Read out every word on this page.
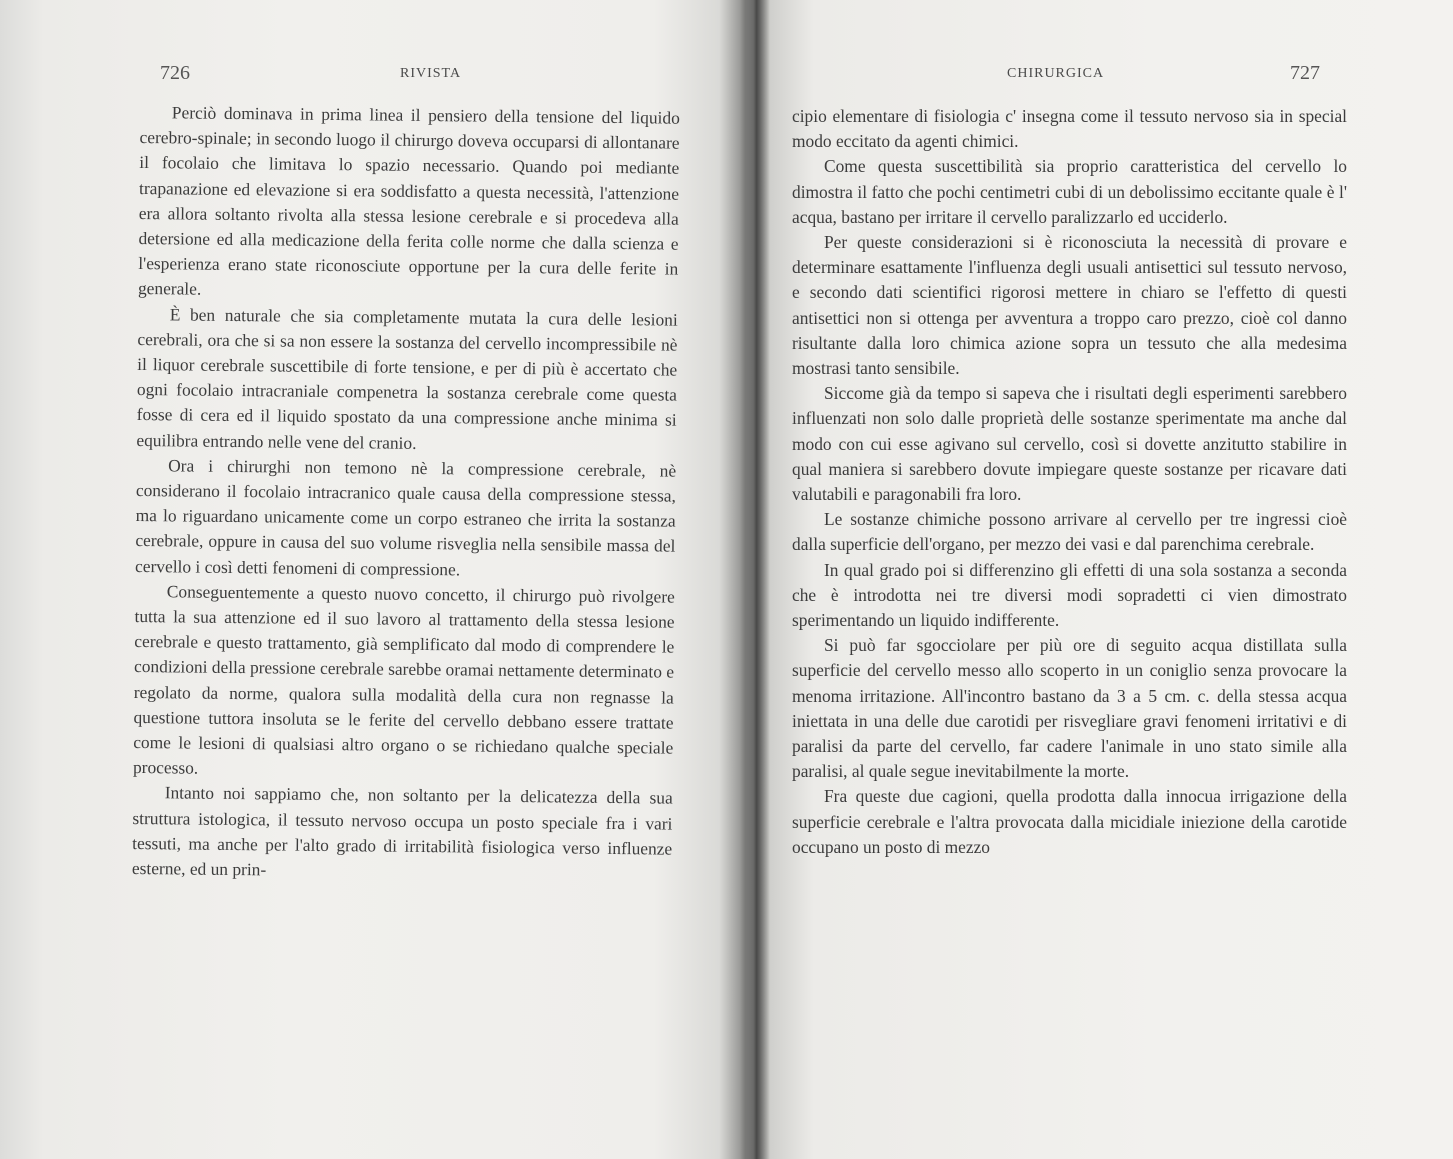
726	RIVISTA

Perciò dominava in prima linea il pensiero della tensione del liquido cerebro-spinale; in secondo luogo il chirurgo doveva occuparsi di allontanare il focolaio che limitava lo spazio necessario. Quando poi mediante trapanazione ed elevazione si era soddisfatto a questa necessità, l'attenzione era allora soltanto rivolta alla stessa lesione cerebrale e si procedeva alla detersione ed alla medicazione della ferita colle norme che dalla scienza e l'esperienza erano state riconosciute opportune per la cura delle ferite in generale.

È ben naturale che sia completamente mutata la cura delle lesioni cerebrali, ora che si sa non essere la sostanza del cervello incompressibile nè il liquor cerebrale suscettibile di forte tensione, e per di più è accertato che ogni focolaio intracraniale compenetra la sostanza cerebrale come questa fosse di cera ed il liquido spostato da una compressione anche minima si equilibra entrando nelle vene del cranio.

Ora i chirurghi non temono nè la compressione cerebrale, nè considerano il focolaio intracranico quale causa della compressione stessa, ma lo riguardano unicamente come un corpo estraneo che irrita la sostanza cerebrale, oppure in causa del suo volume risveglia nella sensibile massa del cervello i così detti fenomeni di compressione.

Conseguentemente a questo nuovo concetto, il chirurgo può rivolgere tutta la sua attenzione ed il suo lavoro al trattamento della stessa lesione cerebrale e questo trattamento, già semplificato dal modo di comprendere le condizioni della pressione cerebrale sarebbe oramai nettamente determinato e regolato da norme, qualora sulla modalità della cura non regnasse la questione tuttora insoluta se le ferite del cervello debbano essere trattate come le lesioni di qualsiasi altro organo o se richiedano qualche speciale processo.

Intanto noi sappiamo che, non soltanto per la delicatezza della sua struttura istologica, il tessuto nervoso occupa un posto speciale fra i vari tessuti, ma anche per l'alto grado di irritabilità fisiologica verso influenze esterne, ed un prin-

CHIRURGICA	727

cipio elementare di fisiologia c' insegna come il tessuto nervoso sia in special modo eccitato da agenti chimici.

Come questa suscettibilità sia proprio caratteristica del cervello lo dimostra il fatto che pochi centimetri cubi di un debolissimo eccitante quale è l' acqua, bastano per irritare il cervello paralizzarlo ed ucciderlo.

Per queste considerazioni si è riconosciuta la necessità di provare e determinare esattamente l'influenza degli usuali antisettici sul tessuto nervoso, e secondo dati scientifici rigorosi mettere in chiaro se l'effetto di questi antisettici non si ottenga per avventura a troppo caro prezzo, cioè col danno risultante dalla loro chimica azione sopra un tessuto che alla medesima mostrasi tanto sensibile.

Siccome già da tempo si sapeva che i risultati degli esperimenti sarebbero influenzati non solo dalle proprietà delle sostanze sperimentate ma anche dal modo con cui esse agivano sul cervello, così si dovette anzitutto stabilire in qual maniera si sarebbero dovute impiegare queste sostanze per ricavare dati valutabili e paragonabili fra loro.

Le sostanze chimiche possono arrivare al cervello per tre ingressi cioè dalla superficie dell'organo, per mezzo dei vasi e dal parenchima cerebrale.

In qual grado poi si differenzino gli effetti di una sola sostanza a seconda che è introdotta nei tre diversi modi sopradetti ci vien dimostrato sperimentando un liquido indifferente.

Si può far sgocciolare per più ore di seguito acqua distillata sulla superficie del cervello messo allo scoperto in un coniglio senza provocare la menoma irritazione. All'incontro bastano da 3 a 5 cm. c. della stessa acqua iniettata in una delle due carotidi per risvegliare gravi fenomeni irritativi e di paralisi da parte del cervello, far cadere l'animale in uno stato simile alla paralisi, al quale segue inevitabilmente la morte.

Fra queste due cagioni, quella prodotta dalla innocua irrigazione della superficie cerebrale e l'altra provocata dalla micidiale iniezione della carotide occupano un posto di mezzo
